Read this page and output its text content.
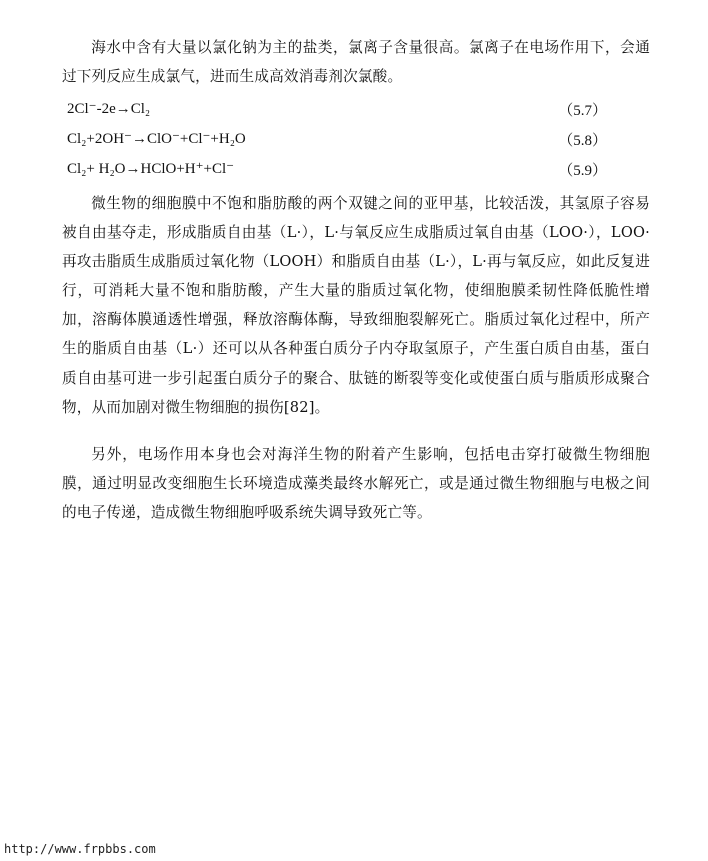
海水中含有大量以氯化钠为主的盐类，氯离子含量很高。氯离子在电场作用下，会通过下列反应生成氯气，进而生成高效消毒剂次氯酸。

2Cl⁻-2e→Cl₂	（5.7）
Cl₂+2OH⁻→ClO⁻+Cl⁻+H₂O	（5.8）
Cl₂+ H₂O→HClO+H⁺+Cl⁻	（5.9）

微生物的细胞膜中不饱和脂肪酸的两个双键之间的亚甲基，比较活泼，其氢原子容易被自由基夺走，形成脂质自由基（L·），L·与氧反应生成脂质过氧自由基（LOO·），LOO·再攻击脂质生成脂质过氧化物（LOOH）和脂质自由基（L·），L·再与氧反应，如此反复进行，可消耗大量不饱和脂肪酸，产生大量的脂质过氧化物，使细胞膜柔韧性降低脆性增加，溶酶体膜通透性增强，释放溶酶体酶，导致细胞裂解死亡。脂质过氧化过程中，所产生的脂质自由基（L·）还可以从各种蛋白质分子内夺取氢原子，产生蛋白质自由基，蛋白质自由基可进一步引起蛋白质分子的聚合、肽链的断裂等变化或使蛋白质与脂质形成聚合物，从而加剧对微生物细胞的损伤[82]。

另外，电场作用本身也会对海洋生物的附着产生影响，包括电击穿打破微生物细胞膜，通过明显改变细胞生长环境造成藻类最终水解死亡，或是通过微生物细胞与电极之间的电子传递，造成微生物细胞呼吸系统失调导致死亡等。

http://www.frpbbs.com
